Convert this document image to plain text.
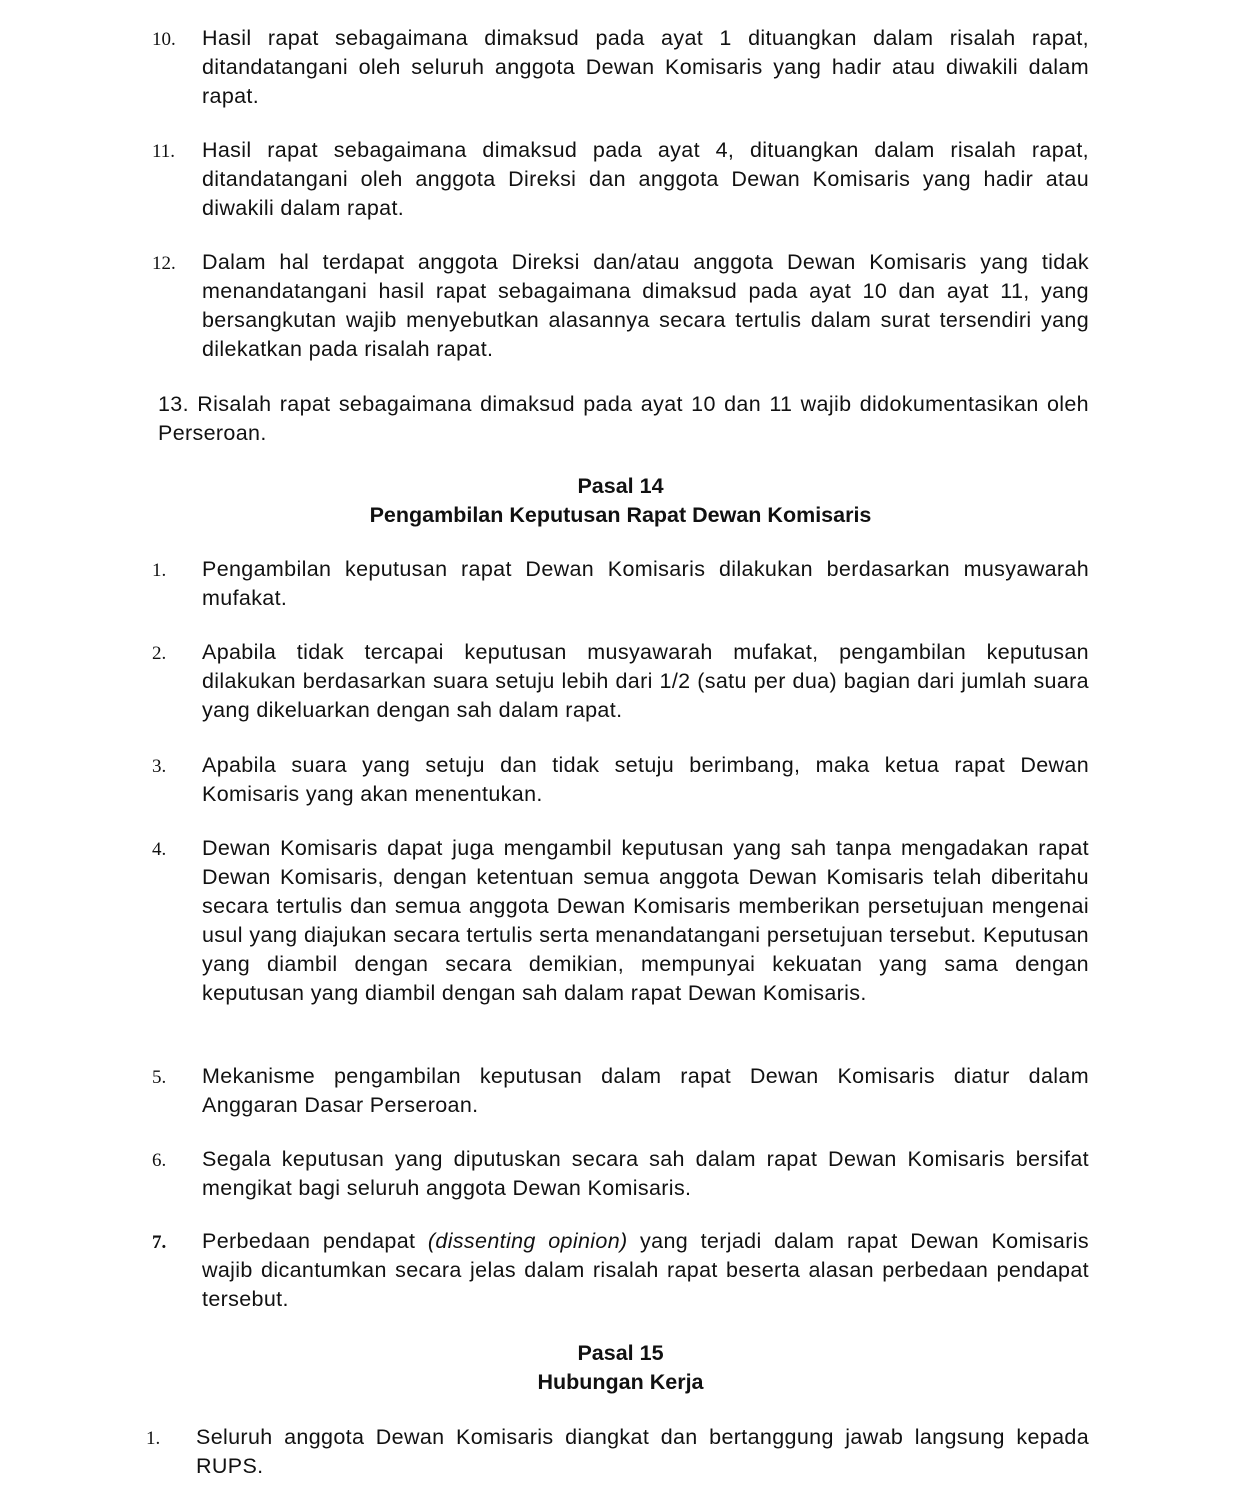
10.	Hasil rapat sebagaimana dimaksud pada ayat 1 dituangkan dalam risalah rapat, ditandatangani oleh seluruh anggota Dewan Komisaris yang hadir atau diwakili dalam rapat.
11.	Hasil rapat sebagaimana dimaksud pada ayat 4, dituangkan dalam risalah rapat, ditandatangani oleh anggota Direksi dan anggota Dewan Komisaris yang hadir atau diwakili dalam rapat.
12.	Dalam hal terdapat anggota Direksi dan/atau anggota Dewan Komisaris yang tidak menandatangani hasil rapat sebagaimana dimaksud pada ayat 10 dan ayat 11, yang bersangkutan wajib menyebutkan alasannya secara tertulis dalam surat tersendiri yang dilekatkan pada risalah rapat.
13. Risalah rapat sebagaimana dimaksud pada ayat 10 dan 11 wajib didokumentasikan oleh Perseroan.
Pasal 14
Pengambilan Keputusan Rapat Dewan Komisaris
1.	Pengambilan keputusan rapat Dewan Komisaris dilakukan berdasarkan musyawarah mufakat.
2.	Apabila tidak tercapai keputusan musyawarah mufakat, pengambilan keputusan dilakukan berdasarkan suara setuju lebih dari 1/2 (satu per dua) bagian dari jumlah suara yang dikeluarkan dengan sah dalam rapat.
3.	Apabila suara yang setuju dan tidak setuju berimbang, maka ketua rapat Dewan Komisaris yang akan menentukan.
4.	Dewan Komisaris dapat juga mengambil keputusan yang sah tanpa mengadakan rapat Dewan Komisaris, dengan ketentuan semua anggota Dewan Komisaris telah diberitahu secara tertulis dan semua anggota Dewan Komisaris memberikan persetujuan mengenai usul yang diajukan secara tertulis serta menandatangani persetujuan tersebut. Keputusan yang diambil dengan secara demikian, mempunyai kekuatan yang sama dengan keputusan yang diambil dengan sah dalam rapat Dewan Komisaris.
5.	Mekanisme pengambilan keputusan dalam rapat Dewan Komisaris diatur dalam Anggaran Dasar Perseroan.
6.	Segala keputusan yang diputuskan secara sah dalam rapat Dewan Komisaris bersifat mengikat bagi seluruh anggota Dewan Komisaris.
7.	Perbedaan pendapat (dissenting opinion) yang terjadi dalam rapat Dewan Komisaris wajib dicantumkan secara jelas dalam risalah rapat beserta alasan perbedaan pendapat tersebut.
Pasal 15
Hubungan Kerja
1.	Seluruh anggota Dewan Komisaris diangkat dan bertanggung jawab langsung kepada RUPS.
